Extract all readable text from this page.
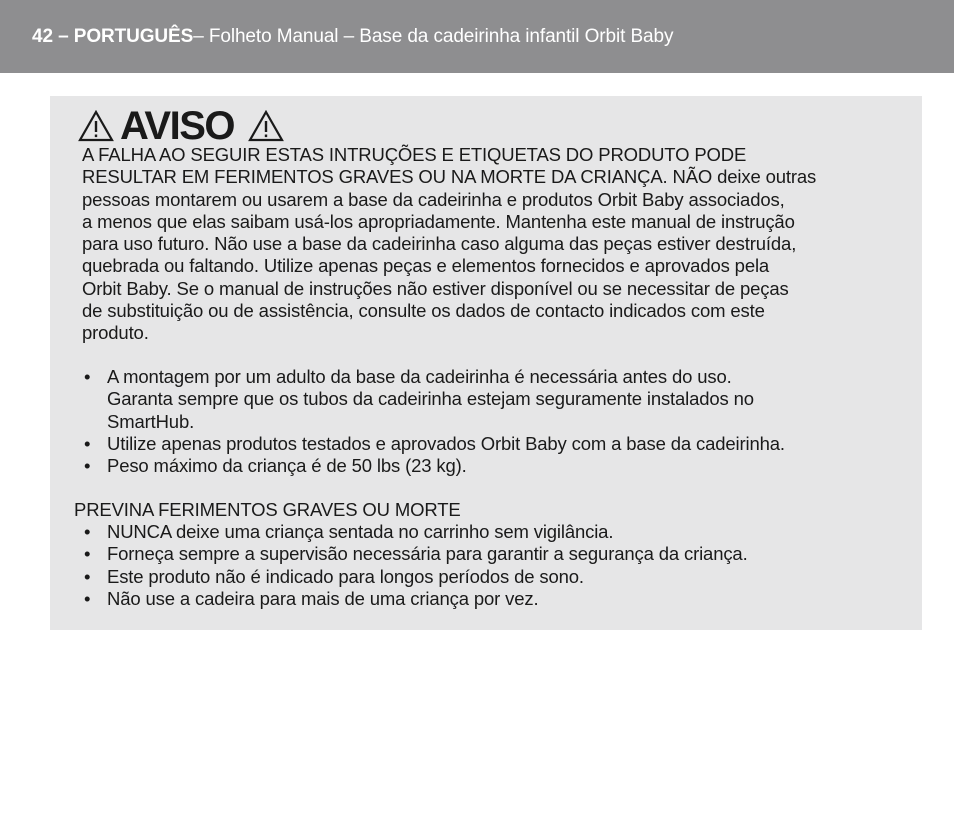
42 – PORTUGUÊS – Folheto Manual – Base da cadeirinha infantil Orbit Baby
AVISO

A FALHA AO SEGUIR ESTAS INTRUÇÕES E ETIQUETAS DO PRODUTO PODE
RESULTAR EM FERIMENTOS GRAVES OU NA MORTE DA CRIANÇA. NÃO deixe outras
pessoas montarem ou usarem a base da cadeirinha e produtos Orbit Baby associados,
a menos que elas saibam usá-los apropriadamente. Mantenha este manual de instrução
para uso futuro. Não use a base da cadeirinha caso alguma das peças estiver destruída,
quebrada ou faltando. Utilize apenas peças e elementos fornecidos e aprovados pela
Orbit Baby. Se o manual de instruções não estiver disponível ou se necessitar de peças
de substituição ou de assistência, consulte os dados de contacto indicados com este
produto.

• A montagem por um adulto da base da cadeirinha é necessária antes do uso.
Garanta sempre que os tubos da cadeirinha estejam seguramente instalados no
SmartHub.
• Utilize apenas produtos testados e aprovados Orbit Baby com a base da cadeirinha.
• Peso máximo da criança é de 50 lbs (23 kg).
PREVINA FERIMENTOS GRAVES OU MORTE
• NUNCA deixe uma criança sentada no carrinho sem vigilância.
• Forneça sempre a supervisão necessária para garantir a segurança da criança.
• Este produto não é indicado para longos períodos de sono.
• Não use a cadeira para mais de uma criança por vez.
